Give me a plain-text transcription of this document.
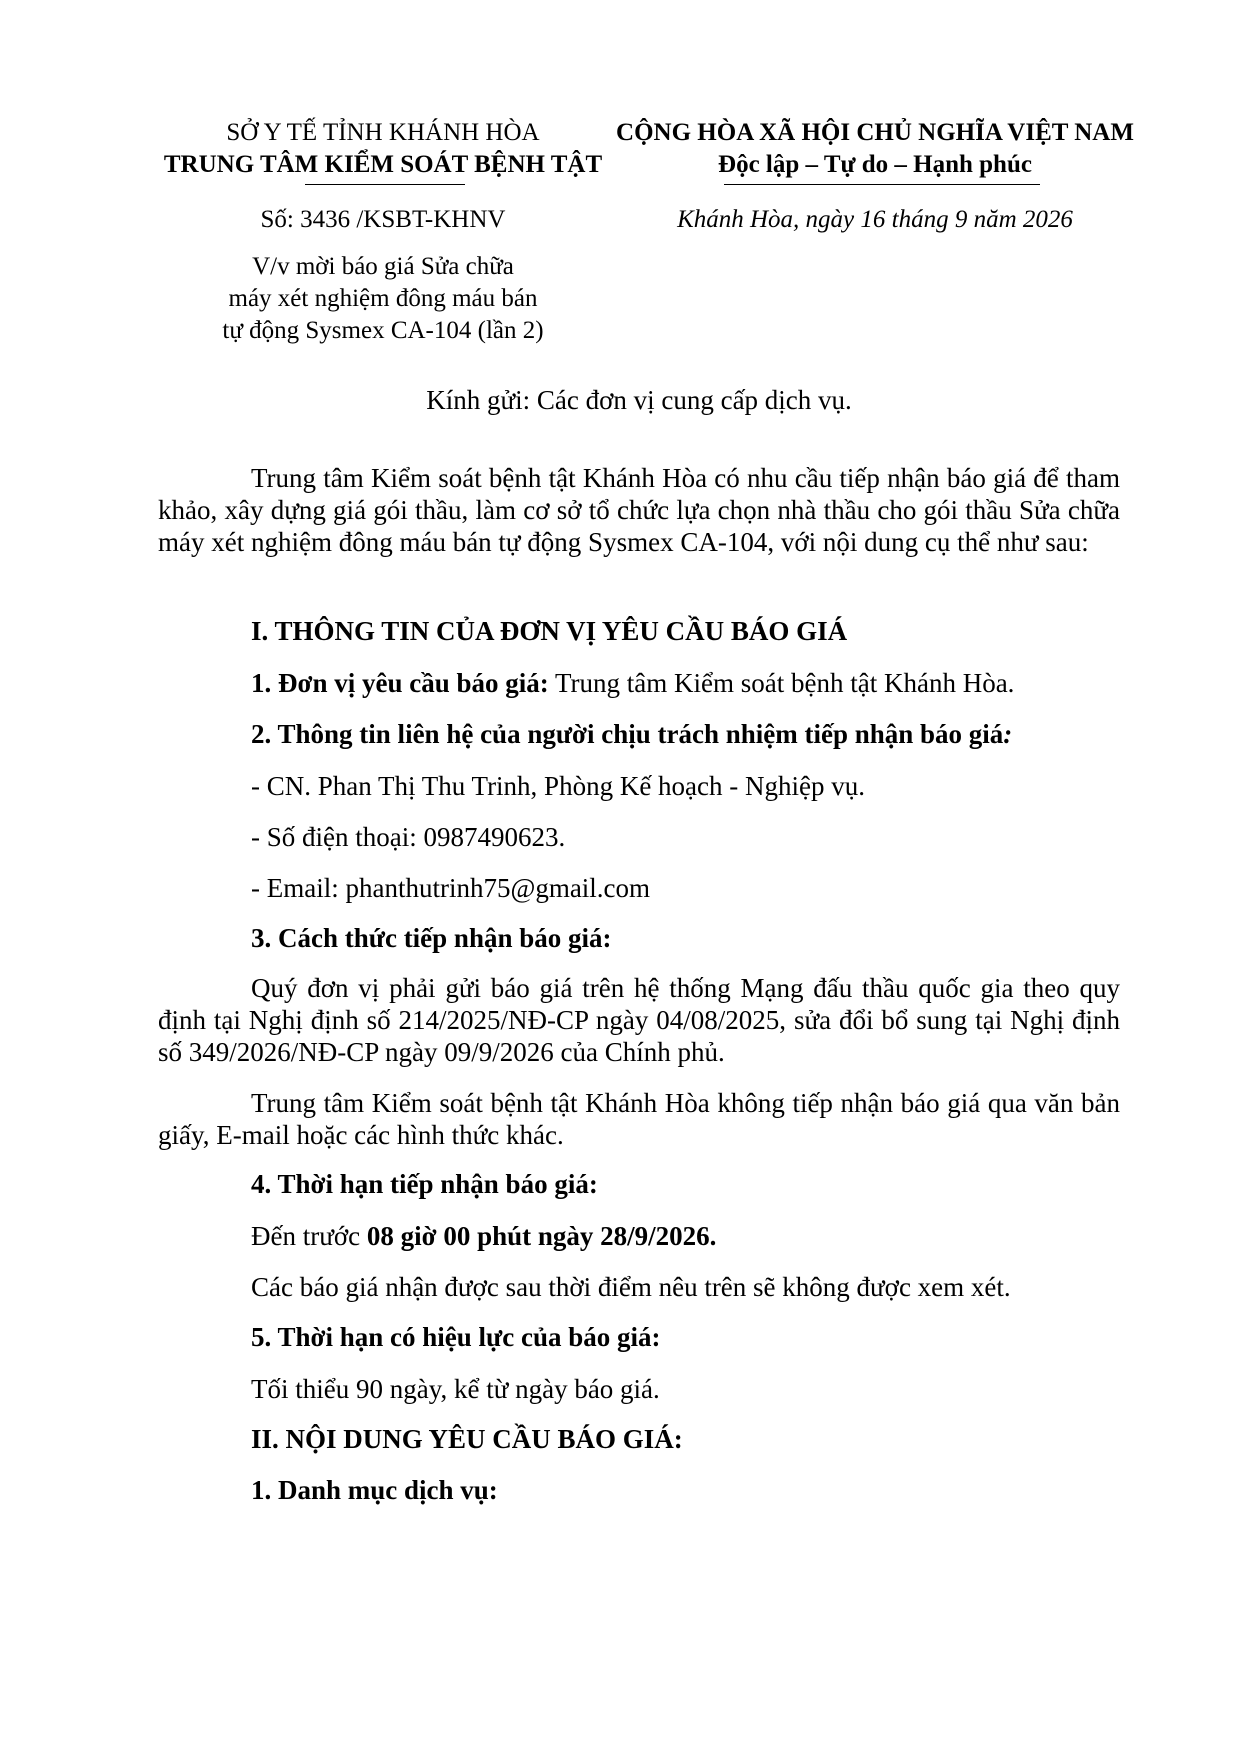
SỞ Y TẾ TỈNH KHÁNH HÒA
TRUNG TÂM KIỂM SOÁT BỆNH TẬT
Số: 3436 /KSBT-KHNV
V/v mời báo giá Sửa chữa
máy xét nghiệm đông máu bán
tự động Sysmex CA-104 (lần 2)
CỘNG HÒA XÃ HỘI CHỦ NGHĨA VIỆT NAM
Độc lập – Tự do – Hạnh phúc
Khánh Hòa, ngày 16 tháng 9 năm 2026
Kính gửi: Các đơn vị cung cấp dịch vụ.
Trung tâm Kiểm soát bệnh tật Khánh Hòa có nhu cầu tiếp nhận báo giá để tham khảo, xây dựng giá gói thầu, làm cơ sở tổ chức lựa chọn nhà thầu cho gói thầu Sửa chữa máy xét nghiệm đông máu bán tự động Sysmex CA-104, với nội dung cụ thể như sau:
I. THÔNG TIN CỦA ĐƠN VỊ YÊU CẦU BÁO GIÁ
1. Đơn vị yêu cầu báo giá: Trung tâm Kiểm soát bệnh tật Khánh Hòa.
2. Thông tin liên hệ của người chịu trách nhiệm tiếp nhận báo giá:
- CN. Phan Thị Thu Trinh, Phòng Kế hoạch - Nghiệp vụ.
- Số điện thoại: 0987490623.
- Email: phanthutrinh75@gmail.com
3. Cách thức tiếp nhận báo giá:
Quý đơn vị phải gửi báo giá trên hệ thống Mạng đấu thầu quốc gia theo quy định tại Nghị định số 214/2025/NĐ-CP ngày 04/08/2025, sửa đổi bổ sung tại Nghị định số 349/2026/NĐ-CP ngày 09/9/2026 của Chính phủ.
Trung tâm Kiểm soát bệnh tật Khánh Hòa không tiếp nhận báo giá qua văn bản giấy, E-mail hoặc các hình thức khác.
4. Thời hạn tiếp nhận báo giá:
Đến trước 08 giờ 00 phút ngày 28/9/2026.
Các báo giá nhận được sau thời điểm nêu trên sẽ không được xem xét.
5. Thời hạn có hiệu lực của báo giá:
Tối thiểu 90 ngày, kể từ ngày báo giá.
II. NỘI DUNG YÊU CẦU BÁO GIÁ:
1. Danh mục dịch vụ:
